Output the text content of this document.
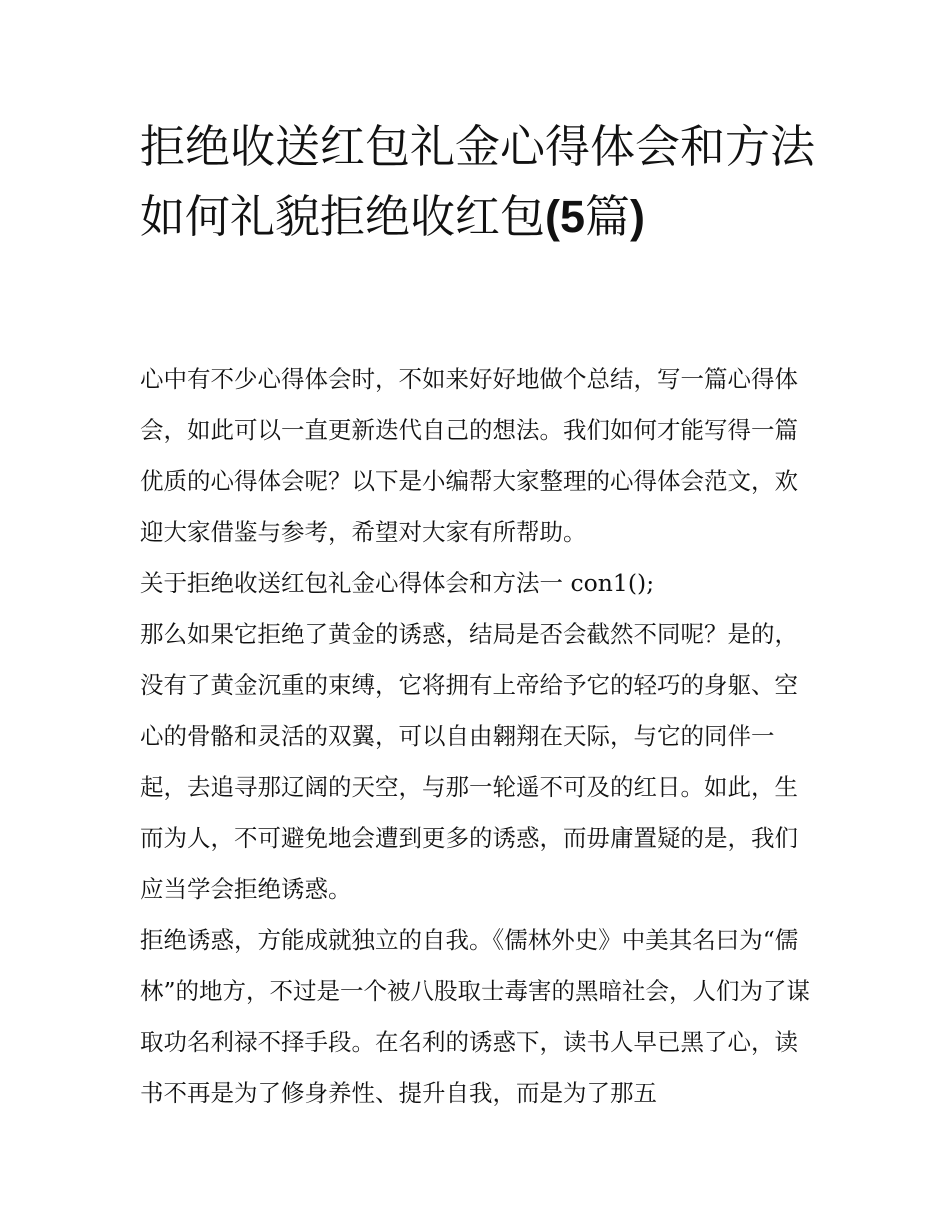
拒绝收送红包礼金心得体会和方法 如何礼貌拒绝收红包(5篇)

心中有不少心得体会时，不如来好好地做个总结，写一篇心得体会，如此可以一直更新迭代自己的想法。我们如何才能写得一篇优质的心得体会呢？以下是小编帮大家整理的心得体会范文，欢迎大家借鉴与参考，希望对大家有所帮助。

关于拒绝收送红包礼金心得体会和方法一 con1();

那么如果它拒绝了黄金的诱惑，结局是否会截然不同呢？是的，没有了黄金沉重的束缚，它将拥有上帝给予它的轻巧的身躯、空心的骨骼和灵活的双翼，可以自由翱翔在天际，与它的同伴一起，去追寻那辽阔的天空，与那一轮遥不可及的红日。如此，生而为人，不可避免地会遭到更多的诱惑，而毋庸置疑的是，我们应当学会拒绝诱惑。

拒绝诱惑，方能成就独立的自我。《儒林外史》中美其名曰为“儒林”的地方，不过是一个被八股取士毒害的黑暗社会，人们为了谋取功名利禄不择手段。在名利的诱惑下，读书人早已黑了心，读书不再是为了修身养性、提升自我，而是为了那五
